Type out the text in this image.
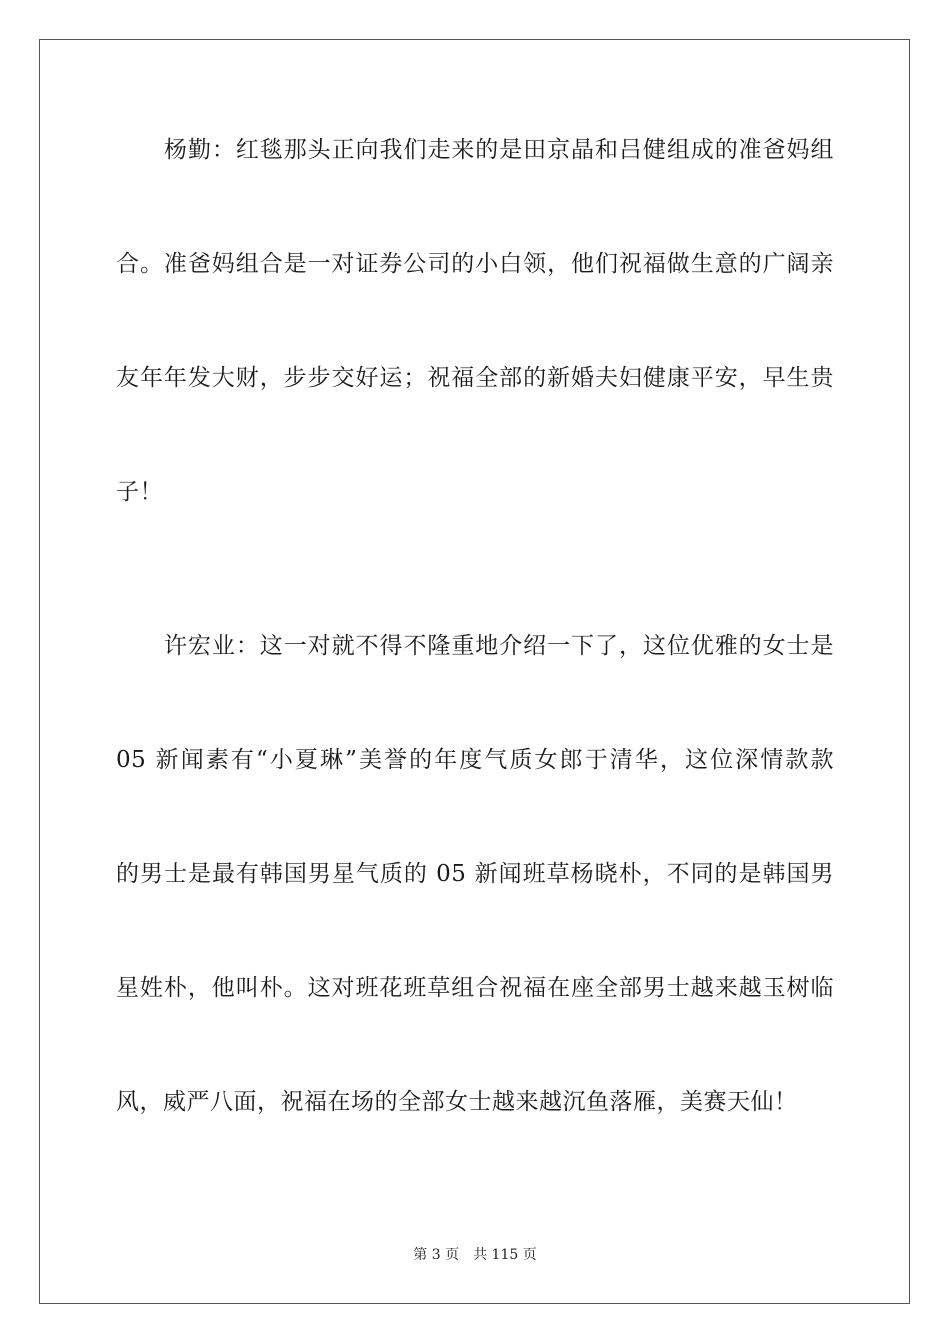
杨勤：红毯那头正向我们走来的是田京晶和吕健组成的准爸妈组
合。准爸妈组合是一对证券公司的小白领，他们祝福做生意的广阔亲
友年年发大财，步步交好运；祝福全部的新婚夫妇健康平安，早生贵
子！
许宏业：这一对就不得不隆重地介绍一下了，这位优雅的女士是
05 新闻素有“小夏琳”美誉的年度气质女郎于清华，这位深情款款
的男士是最有韩国男星气质的 05 新闻班草杨晓朴，不同的是韩国男
星姓朴，他叫朴。这对班花班草组合祝福在座全部男士越来越玉树临
风，威严八面，祝福在场的全部女士越来越沉鱼落雁，美赛天仙！
第 3 页 共 115 页
